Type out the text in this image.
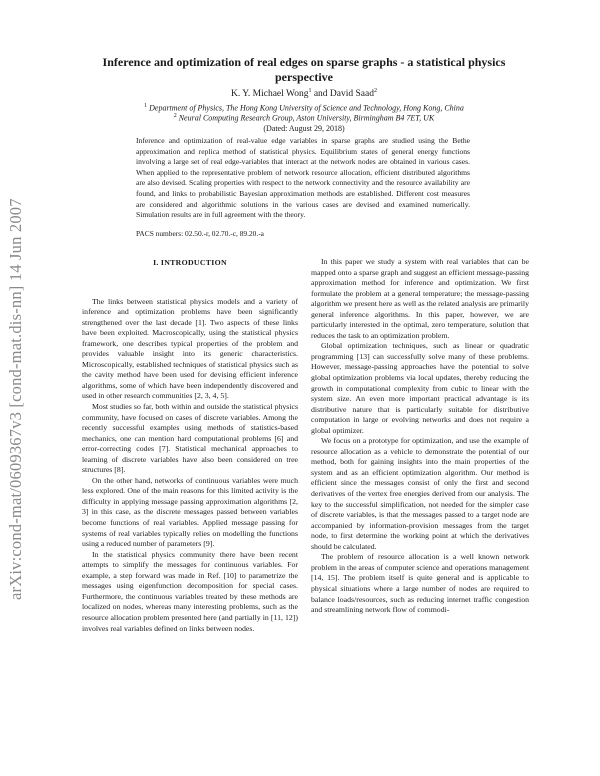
arXiv:cond-mat/0609367v3 [cond-mat.dis-nn] 14 Jun 2007
Inference and optimization of real edges on sparse graphs - a statistical physics perspective
K. Y. Michael Wong$^1$ and David Saad$^2$
$^1$ Department of Physics, The Hong Kong University of Science and Technology, Hong Kong, China
$^2$ Neural Computing Research Group, Aston University, Birmingham B4 7ET, UK
(Dated: August 29, 2018)
Inference and optimization of real-value edge variables in sparse graphs are studied using the Bethe approximation and replica method of statistical physics. Equilibrium states of general energy functions involving a large set of real edge-variables that interact at the network nodes are obtained in various cases. When applied to the representative problem of network resource allocation, efficient distributed algorithms are also devised. Scaling properties with respect to the network connectivity and the resource availability are found, and links to probabilistic Bayesian approximation methods are established. Different cost measures are considered and algorithmic solutions in the various cases are devised and examined numerically. Simulation results are in full agreement with the theory.
PACS numbers: 02.50.-r, 02.70.-c, 89.20.-a
I. INTRODUCTION

The links between statistical physics models and a variety of inference and optimization problems have been significantly strengthened over the last decade [1]. Two aspects of these links have been exploited. Macroscopically, using the statistical physics framework, one describes typical properties of the problem and provides valuable insight into its generic characteristics. Microscopically, established techniques of statistical physics such as the cavity method have been used for devising efficient inference algorithms, some of which have been independently discovered and used in other research communities [2, 3, 4, 5].

Most studies so far, both within and outside the statistical physics community, have focused on cases of discrete variables. Among the recently successful examples using methods of statistics-based mechanics, one can mention hard computational problems [6] and error-correcting codes [7]. Statistical mechanical approaches to learning of discrete variables have also been considered on tree structures [8].

On the other hand, networks of continuous variables were much less explored. One of the main reasons for this limited activity is the difficulty in applying message passing approximation algorithms [2, 3] in this case, as the discrete messages passed between variables become functions of real variables. Applied message passing for systems of real variables typically relies on modelling the functions using a reduced number of parameters [9].

In the statistical physics community there have been recent attempts to simplify the messages for continuous variables. For example, a step forward was made in Ref. [10] to parametrize the messages using eigenfunction decomposition for special cases. Furthermore, the continuous variables treated by these methods are localized on nodes, whereas many interesting problems, such as the resource allocation problem presented here (and partially in [11, 12]) involves real variables defined on links between nodes.

In this paper we study a system with real variables that can be mapped onto a sparse graph and suggest an efficient message-passing approximation method for inference and optimization. We first formulate the problem at a general temperature; the message-passing algorithm we present here as well as the related analysis are primarily general inference algorithms. In this paper, however, we are particularly interested in the optimal, zero temperature, solution that reduces the task to an optimization problem.

Global optimization techniques, such as linear or quadratic programming [13] can successfully solve many of these problems. However, message-passing approaches have the potential to solve global optimization problems via local updates, thereby reducing the growth in computational complexity from cubic to linear with the system size. An even more important practical advantage is its distributive nature that is particularly suitable for distributive computation in large or evolving networks and does not require a global optimizer.

We focus on a prototype for optimization, and use the example of resource allocation as a vehicle to demonstrate the potential of our method, both for gaining insights into the main properties of the system and as an efficient optimization algorithm. Our method is efficient since the messages consist of only the first and second derivatives of the vertex free energies derived from our analysis. The key to the successful simplification, not needed for the simpler case of discrete variables, is that the messages passed to a target node are accompanied by information-provision messages from the target node, to first determine the working point at which the derivatives should be calculated.

The problem of resource allocation is a well known network problem in the areas of computer science and operations management [14, 15]. The problem itself is quite general and is applicable to physical situations where a large number of nodes are required to balance loads/resources, such as reducing internet traffic congestion and streamlining network flow of commodi-
